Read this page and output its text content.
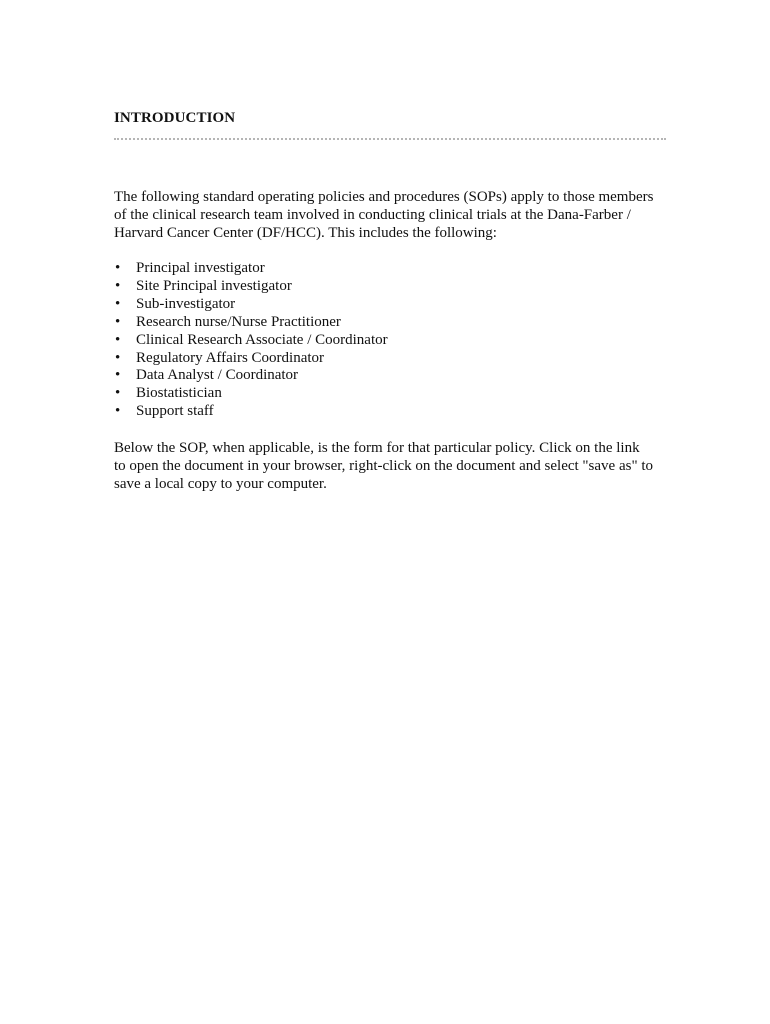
INTRODUCTION

The following standard operating policies and procedures (SOPs) apply to those members
of the clinical research team involved in conducting clinical trials at the Dana-Farber /
Harvard Cancer Center (DF/HCC). This includes the following:

• Principal investigator
• Site Principal investigator
• Sub-investigator
• Research nurse/Nurse Practitioner
• Clinical Research Associate / Coordinator
• Regulatory Affairs Coordinator
• Data Analyst / Coordinator
• Biostatistician
• Support staff

Below the SOP, when applicable, is the form for that particular policy. Click on the link
to open the document in your browser, right-click on the document and select "save as" to
save a local copy to your computer.
